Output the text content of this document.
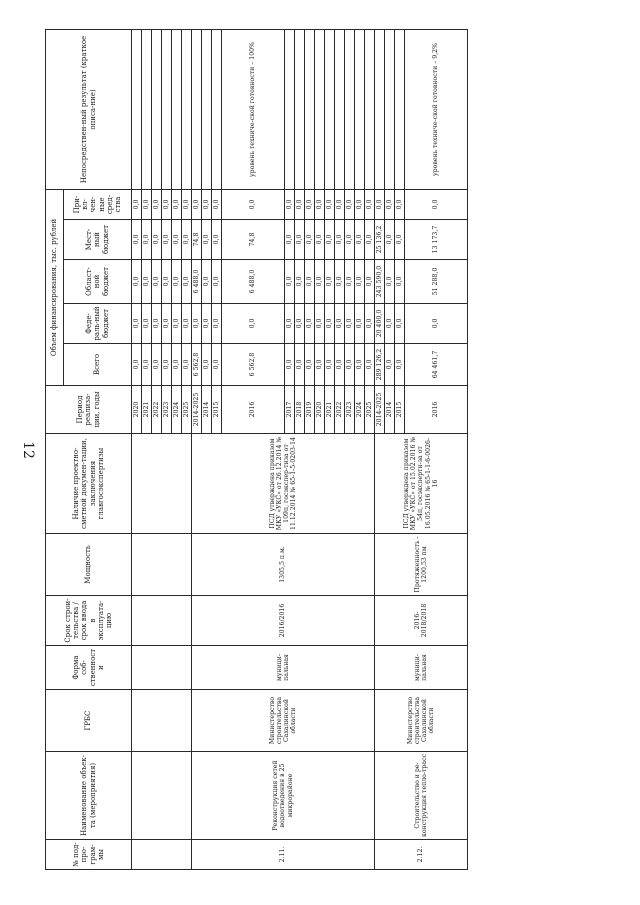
12
№ под-про-грам-мы	Наименование объек-та (мероприятия)	ГРБС	Форма соб-ственности	Срок строи-тельства / срок ввода в эксплуата-цию	Мощность	Наличие проектно-сметной докумен-тации, заключения главгосэкспертизы	Период реализа-ции, годы	Объем финансирования, тыс. рублей					Непосредствен-ный результат (краткое описа-ние)
								Всего	Феде-раль-ный бюджет	Област-ной бюджет	Мест-ный бюджет	При-вл-чен-ные сред-ства	
							2020	0,0	0,0	0,0	0,0	0,0	
							2021	0,0	0,0	0,0	0,0	0,0	
							2022	0,0	0,0	0,0	0,0	0,0	
							2023	0,0	0,0	0,0	0,0	0,0	
							2024	0,0	0,0	0,0	0,0	0,0	
							2025	0,0	0,0	0,0	0,0	0,0	
2.11.	Реконструкция сетей водоотведения в 25 микрорайоне	Министерство строительства Сахалинской области	муници-пальная	2016/2016	1305,5 п.м.	ПСД утверждена приказом МКУ «УКС» от 26.12.2014 № 109п, госэкспер-тиза от 11.12.2014 № 65-1-5-0203-14	2014-2025	6 562,8	0,0	6 488,0	74,8	0,0	
							2014	0,0	0,0	0,0	0,0	0,0	
							2015	0,0	0,0	0,0	0,0	0,0	
							2016	6 562,8	0,0	6 488,0	74,8	0,0	уровень техниче-ской готовности – 100%
							2017	0,0	0,0	0,0	0,0	0,0	
							2018	0,0	0,0	0,0	0,0	0,0	
							2019	0,0	0,0	0,0	0,0	0,0	
							2020	0,0	0,0	0,0	0,0	0,0	
							2021	0,0	0,0	0,0	0,0	0,0	
							2022	0,0	0,0	0,0	0,0	0,0	
							2023	0,0	0,0	0,0	0,0	0,0	
							2024	0,0	0,0	0,0	0,0	0,0	
							2025	0,0	0,0	0,0	0,0	0,0	
2.12.	Строительство и ре-конструкция тепло-трасс	Министерство строительства Сахалинской области	муници-пальная	2016-2018/2018	Протяженность - 1200,53 пм	ПСД утверждена приказом МКУ «УКС» от 15.02.2016 № 54п, госэксперти-за от 16.05.2016 № 65-1-1-6-0026-16	2014-2025	289 126,2	20 400,0	243 590,0	25 136,2	0,0	
							2014	0,0	0,0	0,0	0,0	0,0	
							2015	0,0	0,0	0,0	0,0	0,0	
							2016	64 461,7	0,0	51 288,0	13 173,7	0,0	уровень техниче-ской готовности – 9,2%
